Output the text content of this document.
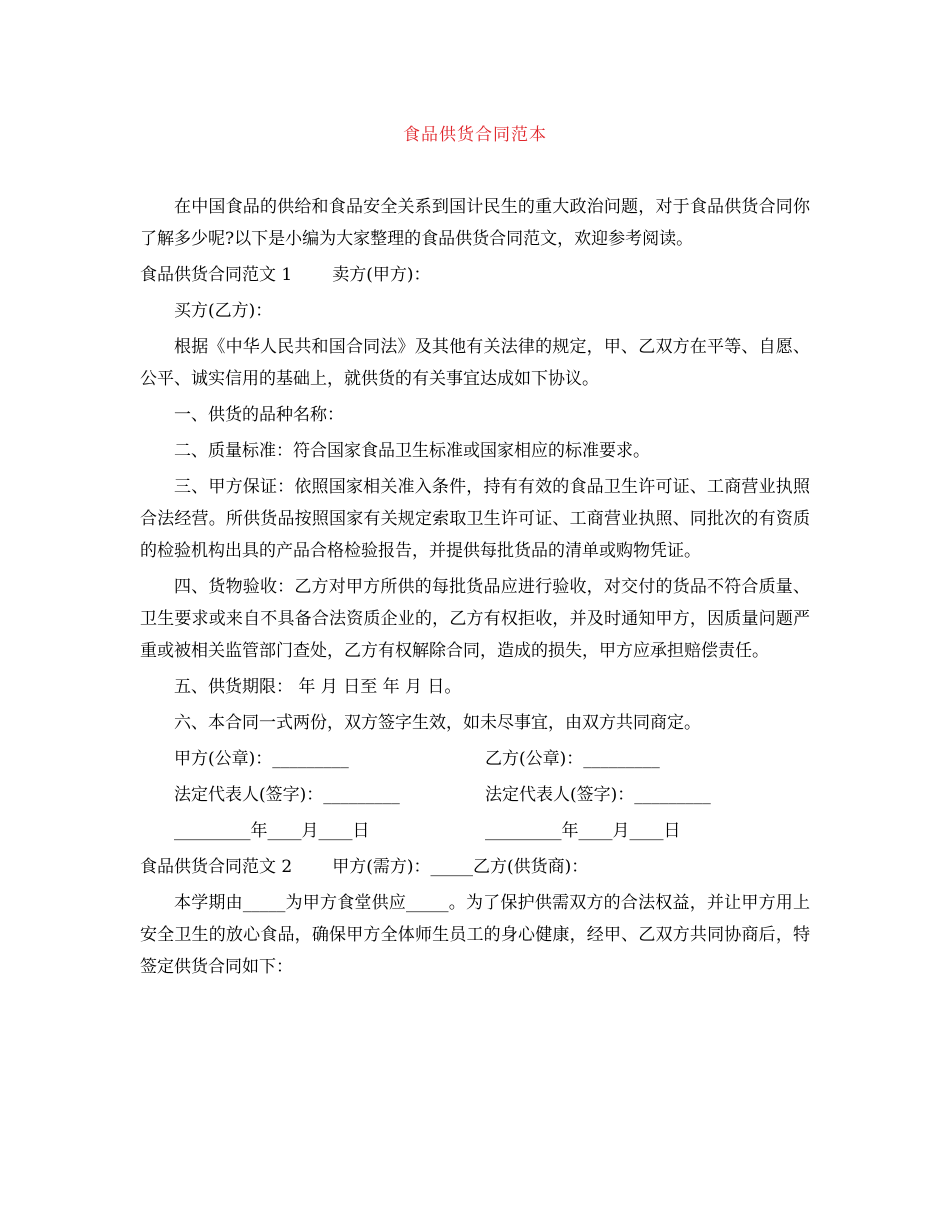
食品供货合同范本

在中国食品的供给和食品安全关系到国计民生的重大政治问题，对于食品供货合同你了解多少呢?以下是小编为大家整理的食品供货合同范文，欢迎参考阅读。

食品供货合同范文 1 卖方(甲方)：

买方(乙方)：

根据《中华人民共和国合同法》及其他有关法律的规定，甲、乙双方在平等、自愿、公平、诚实信用的基础上，就供货的有关事宜达成如下协议。

一、供货的品种名称：

二、质量标准：符合国家食品卫生标准或国家相应的标准要求。

三、甲方保证：依照国家相关准入条件，持有有效的食品卫生许可证、工商营业执照合法经营。所供货品按照国家有关规定索取卫生许可证、工商营业执照、同批次的有资质的检验机构出具的产品合格检验报告，并提供每批货品的清单或购物凭证。

四、货物验收：乙方对甲方所供的每批货品应进行验收，对交付的货品不符合质量、卫生要求或来自不具备合法资质企业的，乙方有权拒收，并及时通知甲方，因质量问题严重或被相关监管部门查处，乙方有权解除合同，造成的损失，甲方应承担赔偿责任。

五、供货期限： 年 月 日至 年 月 日。

六、本合同一式两份，双方签字生效，如未尽事宜，由双方共同商定。

甲方(公章)：_________	乙方(公章)：_________
法定代表人(签字)：_________	法定代表人(签字)：_________
_________年____月____日	_________年____月____日
食品供货合同范文 2 甲方(需方)：_____乙方(供货商)：

本学期由_____为甲方食堂供应_____。为了保护供需双方的合法权益，并让甲方用上安全卫生的放心食品，确保甲方全体师生员工的身心健康，经甲、乙双方共同协商后，特签定供货合同如下：
